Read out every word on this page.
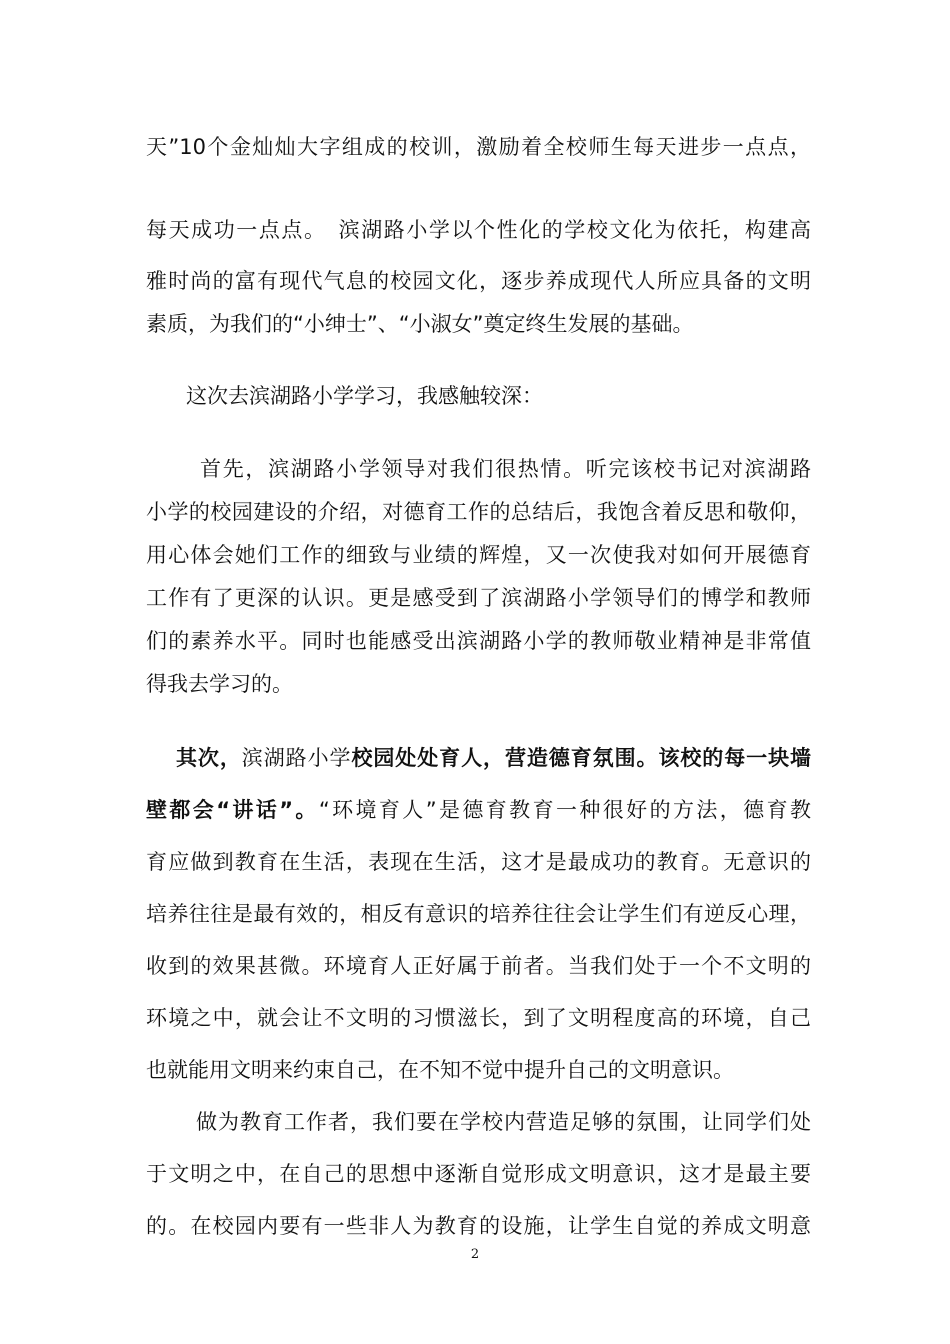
天”10个金灿灿大字组成的校训，激励着全校师生每天进步一点点，

每天成功一点点。　滨湖路小学以个性化的学校文化为依托，构建高

雅时尚的富有现代气息的校园文化，逐步养成现代人所应具备的文明

素质，为我们的“小绅士”、“小淑女”奠定终生发展的基础。

这次去滨湖路小学学习，我感触较深：

首先，滨湖路小学领导对我们很热情。听完该校书记对滨湖路

小学的校园建设的介绍，对德育工作的总结后，我饱含着反思和敬仰，

用心体会她们工作的细致与业绩的辉煌，又一次使我对如何开展德育

工作有了更深的认识。更是感受到了滨湖路小学领导们的博学和教师

们的素养水平。同时也能感受出滨湖路小学的教师敬业精神是非常值

得我去学习的。

其次，滨湖路小学校园处处育人，营造德育氛围。该校的每一块墙

壁都会“讲话”。“环境育人”是德育教育一种很好的方法，德育教

育应做到教育在生活，表现在生活，这才是最成功的教育。无意识的

培养往往是最有效的，相反有意识的培养往往会让学生们有逆反心理，

收到的效果甚微。环境育人正好属于前者。当我们处于一个不文明的

环境之中，就会让不文明的习惯滋长，到了文明程度高的环境，自己

也就能用文明来约束自己，在不知不觉中提升自己的文明意识。

做为教育工作者，我们要在学校内营造足够的氛围，让同学们处

于文明之中，在自己的思想中逐渐自觉形成文明意识，这才是最主要

的。在校园内要有一些非人为教育的设施，让学生自觉的养成文明意

2
